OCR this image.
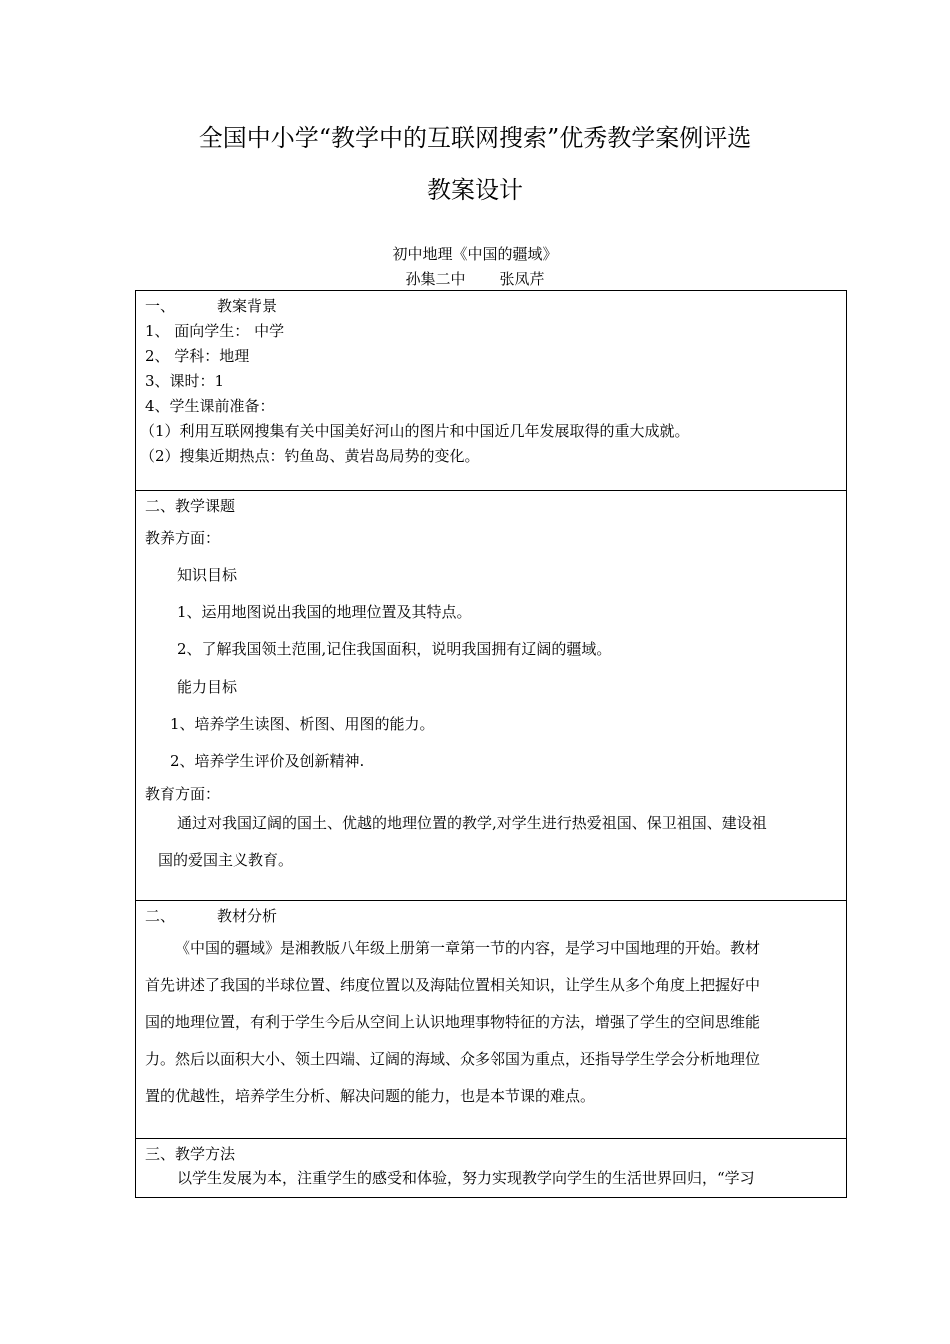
全国中小学“教学中的互联网搜索”优秀教学案例评选
教案设计
初中地理《中国的疆域》
孙集二中 张凤芹
一、	教案背景
1、 面向学生： 中学
2、 学科：地理
3、课时：1
4、学生课前准备：
（1）利用互联网搜集有关中国美好河山的图片和中国近几年发展取得的重大成就。
（2）搜集近期热点：钓鱼岛、黄岩岛局势的变化。
二、教学课题
教养方面：
知识目标
1、运用地图说出我国的地理位置及其特点。
2、了解我国领土范围,记住我国面积，说明我国拥有辽阔的疆域。
能力目标
1、培养学生读图、析图、用图的能力。
2、培养学生评价及创新精神.
教育方面：
通过对我国辽阔的国土、优越的地理位置的教学,对学生进行热爱祖国、保卫祖国、建设祖
国的爱国主义教育。
二、	教材分析
《中国的疆域》是湘教版八年级上册第一章第一节的内容，是学习中国地理的开始。教材
首先讲述了我国的半球位置、纬度位置以及海陆位置相关知识，让学生从多个角度上把握好中
国的地理位置，有利于学生今后从空间上认识地理事物特征的方法，增强了学生的空间思维能
力。然后以面积大小、领土四端、辽阔的海域、众多邻国为重点，还指导学生学会分析地理位
置的优越性，培养学生分析、解决问题的能力，也是本节课的难点。
三、教学方法
以学生发展为本，注重学生的感受和体验，努力实现教学向学生的生活世界回归，“学习
